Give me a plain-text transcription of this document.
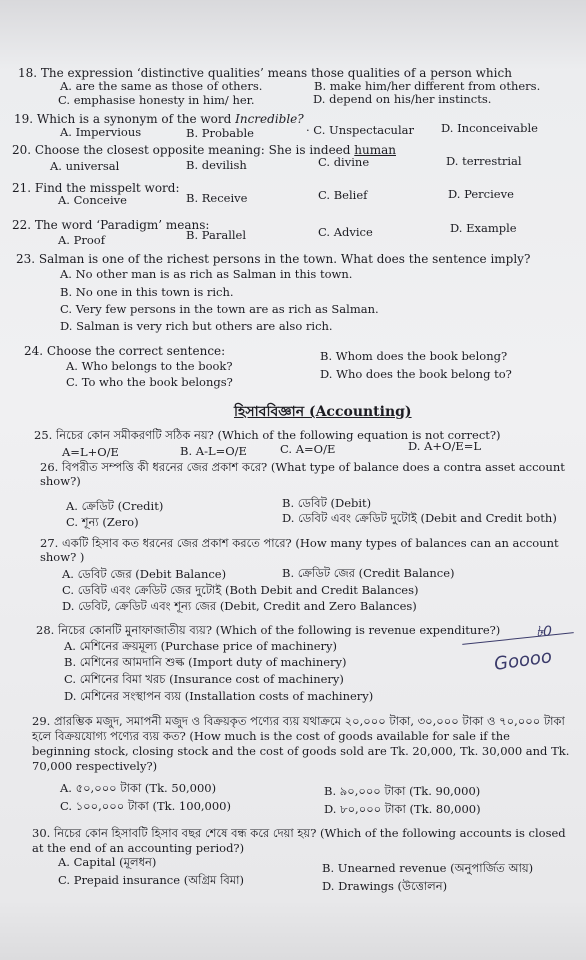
18. The expression ‘distinctive qualities’ means those qualities of a person which
A. are the same as those of others.	B. make him/her different from others.
C. emphasise honesty in him/ her.	D. depend on his/her instincts.
19. Which is a synonym of the word Incredible?
A. Impervious	B. Probable	· C. Unspectacular D. Inconceivable
20. Choose the closest opposite meaning: She is indeed human
A. universal	B. devilish	C. divine	D. terrestrial
21. Find the misspelt word:
A. Conceive	B. Receive	C. Belief	D. Percieve
22. The word ‘Paradigm’ means:
A. Proof	B. Parallel	C. Advice	D. Example
23. Salman is one of the richest persons in the town. What does the sentence imply?
A. No other man is as rich as Salman in this town.
B. No one in this town is rich.
C. Very few persons in the town are as rich as Salman.
D. Salman is very rich but others are also rich.
24. Choose the correct sentence:
A. Who belongs to the book?
B. Whom does the book belong?
C. To who the book belongs?
D. Who does the book belong to?
হিসাববিজ্ঞান (Accounting)
25. নিচের কোন সমীকরণটি সঠিক নয়? (Which of the following equation is not correct?)
A=L+O/E	B. A-L=O/E	C. A=O/E	D. A+O/E=L
26. বিপরীত সম্পত্তি কী ধরনের জের প্রকাশ করে? (What type of balance does a contra asset account show?)
A. ক্রেডিট (Credit)	B. ডেবিট (Debit)
C. শূন্য (Zero)	D. ডেবিট এবং ক্রেডিট দুটোই (Debit and Credit both)
27. একটি হিসাব কত ধরনের জের প্রকাশ করতে পারে? (How many types of balances can an account show? )
A. ডেবিট জের (Debit Balance)	B. ক্রেডিট জের (Credit Balance)
C. ডেবিট এবং ক্রেডিট জের দুটোই (Both Debit and Credit Balances)
D. ডেবিট, ক্রেডিট এবং শূন্য জের (Debit, Credit and Zero Balances)
28. নিচের কোনটি মুনাফাজাতীয় ব্যয়? (Which of the following is revenue expenditure?)
A. মেশিনের ক্রয়মূল্য (Purchase price of machinery)
B. মেশিনের আমদানি শুল্ক (Import duty of machinery)
C. মেশিনের বিমা খরচ (Insurance cost of machinery)
D. মেশিনের সংস্থাপন ব্যয় (Installation costs of machinery)
৳0
Goooo
29. প্রারম্ভিক মজুদ, সমাপনী মজুদ ও বিক্রয়কৃত পণ্যের ব্যয় যথাক্রমে ২০,০০০ টাকা, ৩০,০০০ টাকা ও ৭০,০০০ টাকা হলে বিক্রয়যোগ্য পণ্যের ব্যয় কত? (How much is the cost of goods available for sale if the beginning stock, closing stock and the cost of goods sold are Tk. 20,000, Tk. 30,000 and Tk. 70,000 respectively?)
A. ৫০,০০০ টাকা (Tk. 50,000)	B. ৯০,০০০ টাকা (Tk. 90,000)
C. ১০০,০০০ টাকা (Tk. 100,000)	D. ৮০,০০০ টাকা (Tk. 80,000)
30. নিচের কোন হিসাবটি হিসাব বছর শেষে বন্ধ করে দেয়া হয়? (Which of the following accounts is closed at the end of an accounting period?)
A. Capital (মূলধন)	B. Unearned revenue (অনুপার্জিত আয়)
C. Prepaid insurance (অগ্রিম বিমা)	D. Drawings (উত্তোলন)
